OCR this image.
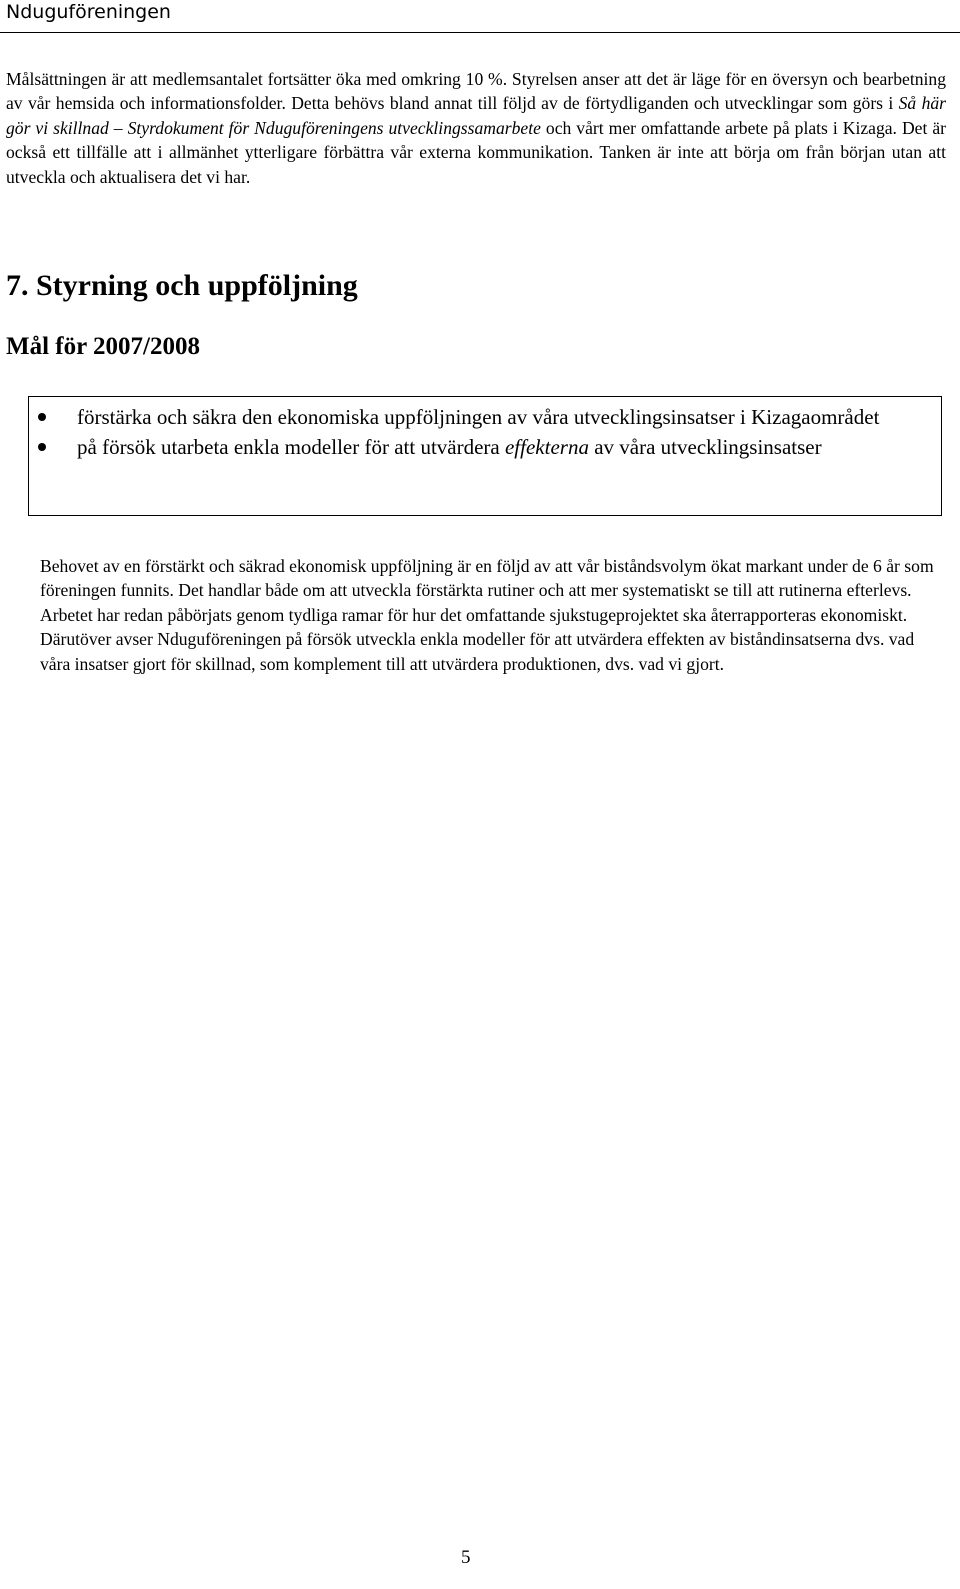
Nduguföreningen

Målsättningen är att medlemsantalet fortsätter öka med omkring 10 %. Styrelsen anser att det är läge för en översyn och bearbetning av vår hemsida och informationsfolder. Detta behövs bland annat till följd av de förtydliganden och utvecklingar som görs i Så här gör vi skillnad – Styrdokument för Nduguföreningens utvecklingssamarbete och vårt mer omfattande arbete på plats i Kizaga. Det är också ett tillfälle att i allmänhet ytterligare förbättra vår externa kommunikation. Tanken är inte att börja om från början utan att utveckla och aktualisera det vi har.

7. Styrning och uppföljning
Mål för 2007/2008
förstärka och säkra den ekonomiska uppföljningen av våra utvecklingsinsatser i Kizagaområdet
på försök utarbeta enkla modeller för att utvärdera effekterna av våra utvecklingsinsatser

Behovet av en förstärkt och säkrad ekonomisk uppföljning är en följd av att vår biståndsvolym ökat markant under de 6 år som föreningen funnits. Det handlar både om att utveckla förstärkta rutiner och att mer systematiskt se till att rutinerna efterlevs. Arbetet har redan påbörjats genom tydliga ramar för hur det omfattande sjukstugeprojektet ska återrapporteras ekonomiskt. Därutöver avser Nduguföreningen på försök utveckla enkla modeller för att utvärdera effekten av biståndinsatserna dvs. vad våra insatser gjort för skillnad, som komplement till att utvärdera produktionen, dvs. vad vi gjort.

5
